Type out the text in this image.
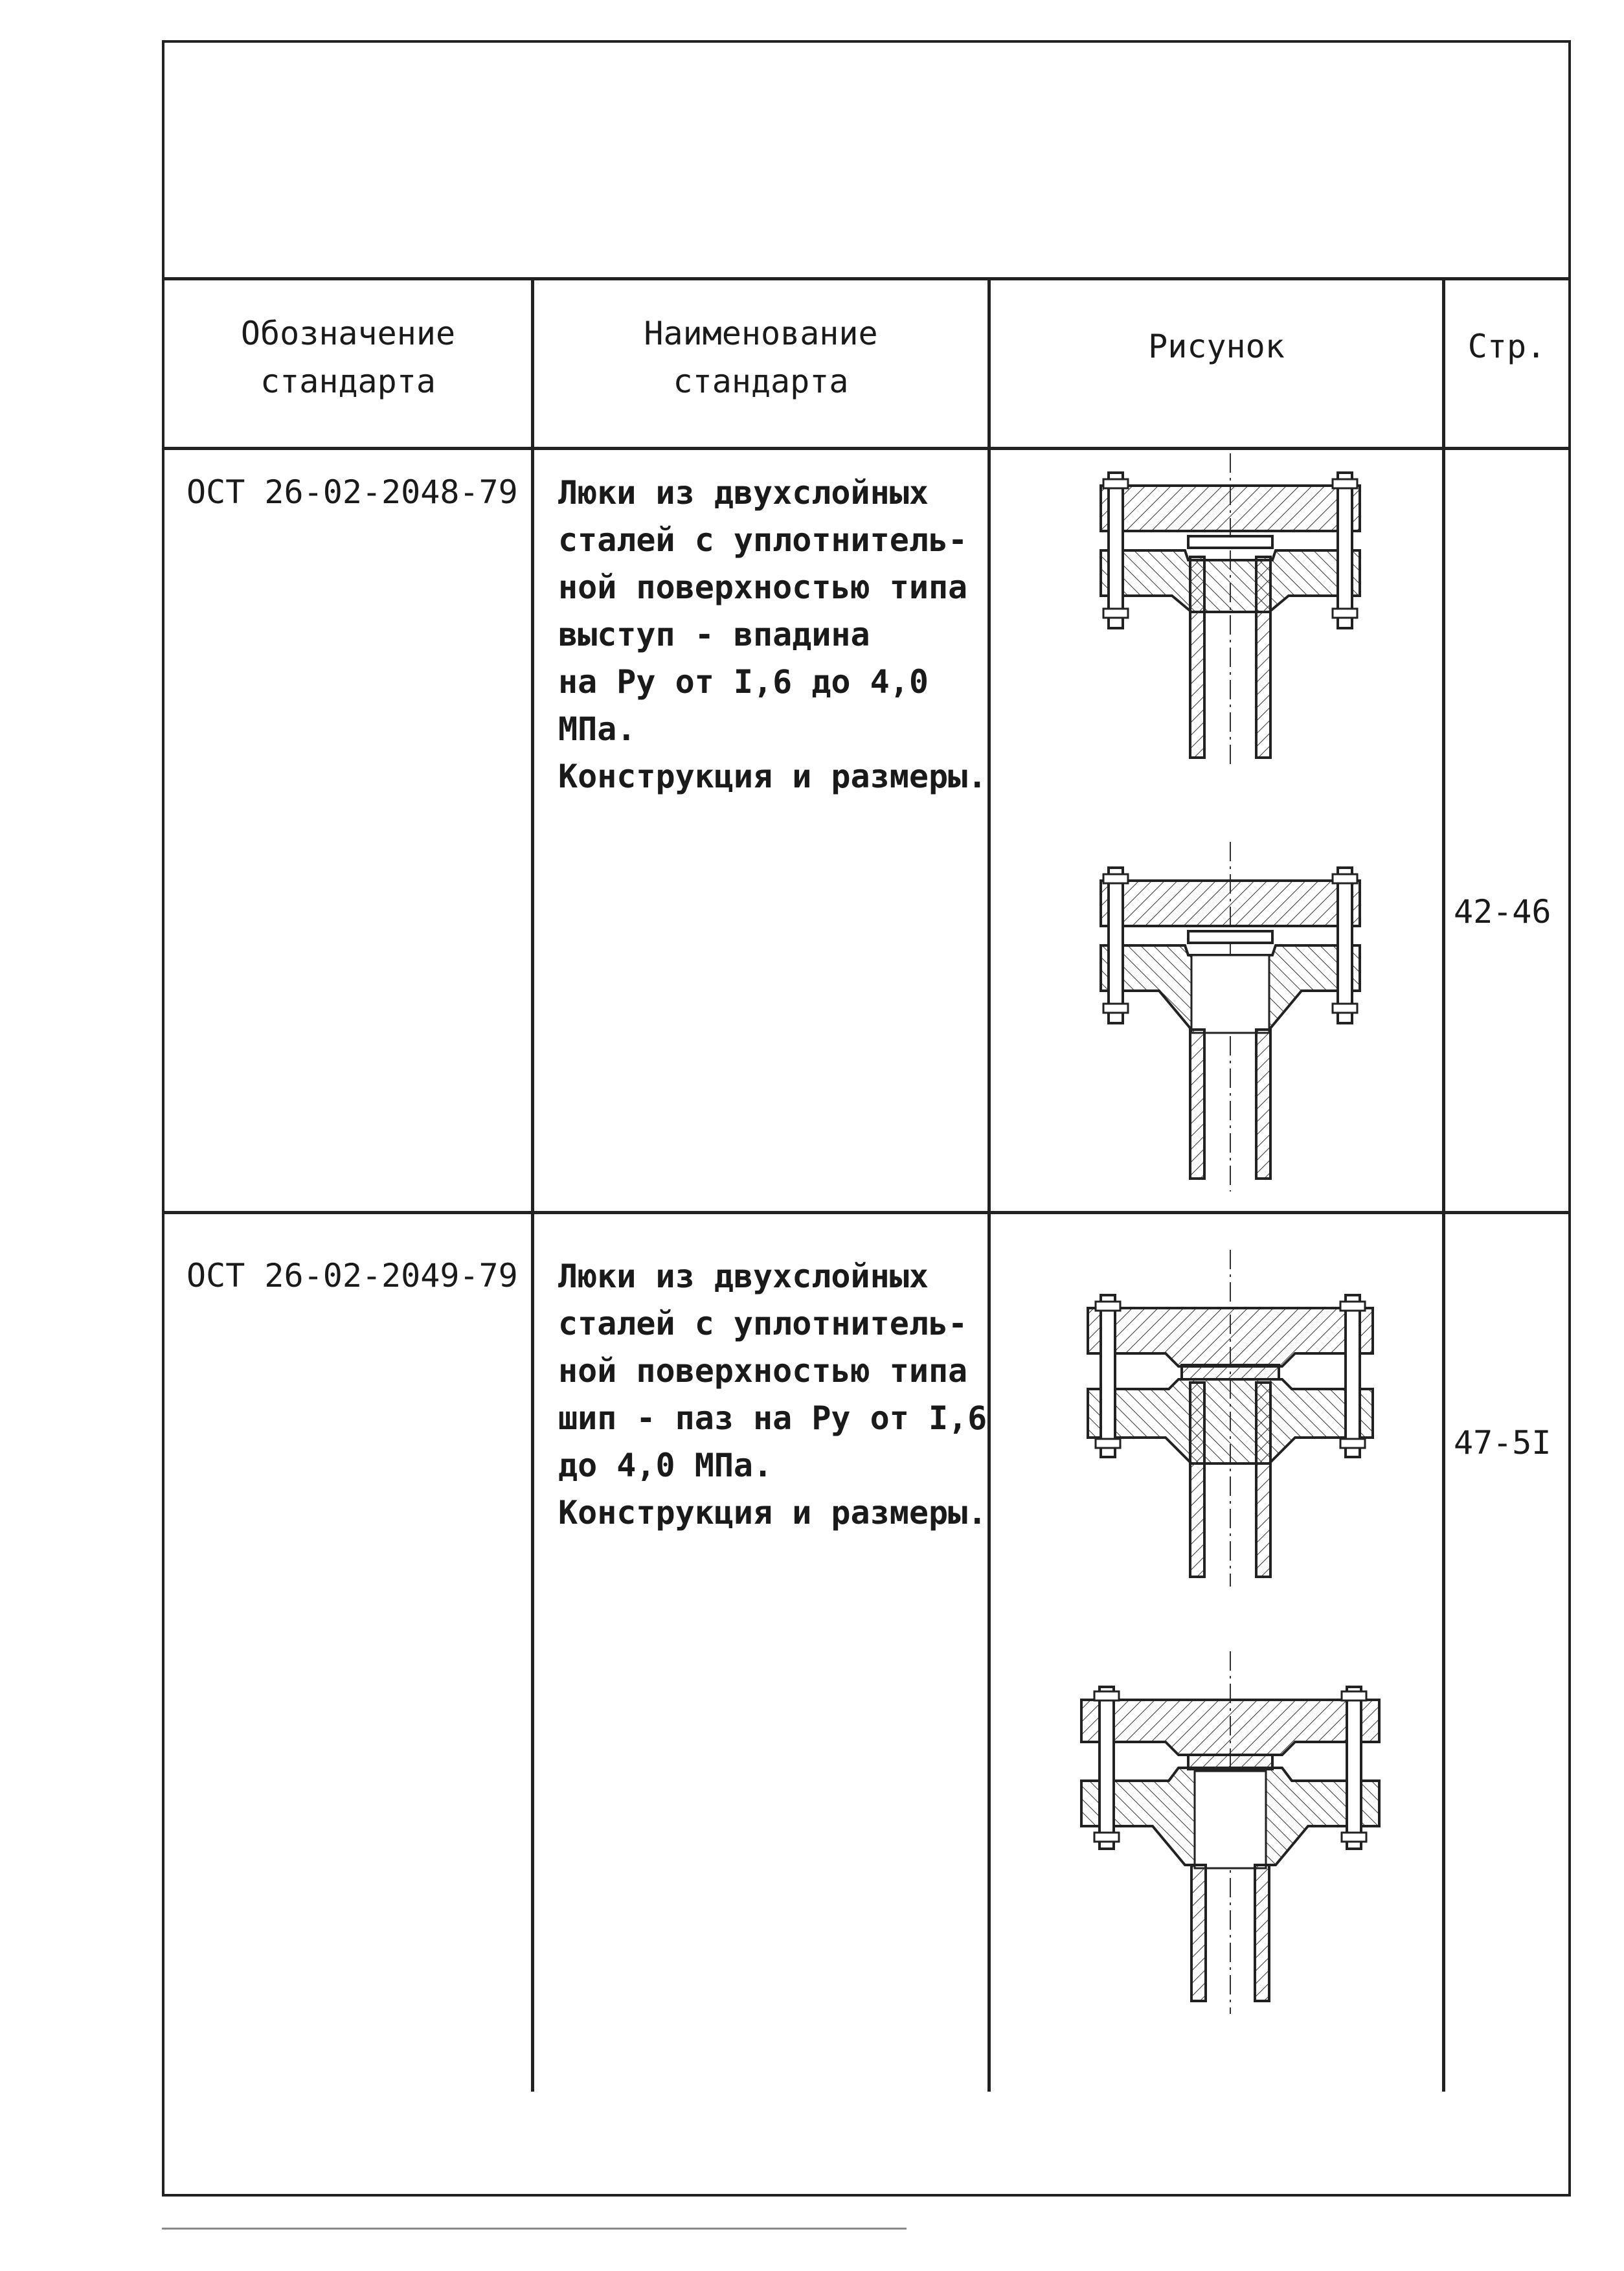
Обозначение
стандарта
Наименование
стандарта
Рисунок	Стр.
ОСТ 26-02-2048-79 Люки из двухслойных
сталей с уплотнитель-
ной поверхностью типа
выступ - впадина
на Ру от I,6 до 4,0
МПа.
Конструкция и размеры.
42-46
ОСТ 26-02-2049-79 Люки из двухслойных
сталей с уплотнитель-
ной поверхностью типа
шип - паз на Ру от I,6
до 4,0 МПа.
Конструкция и размеры.
47-5I
